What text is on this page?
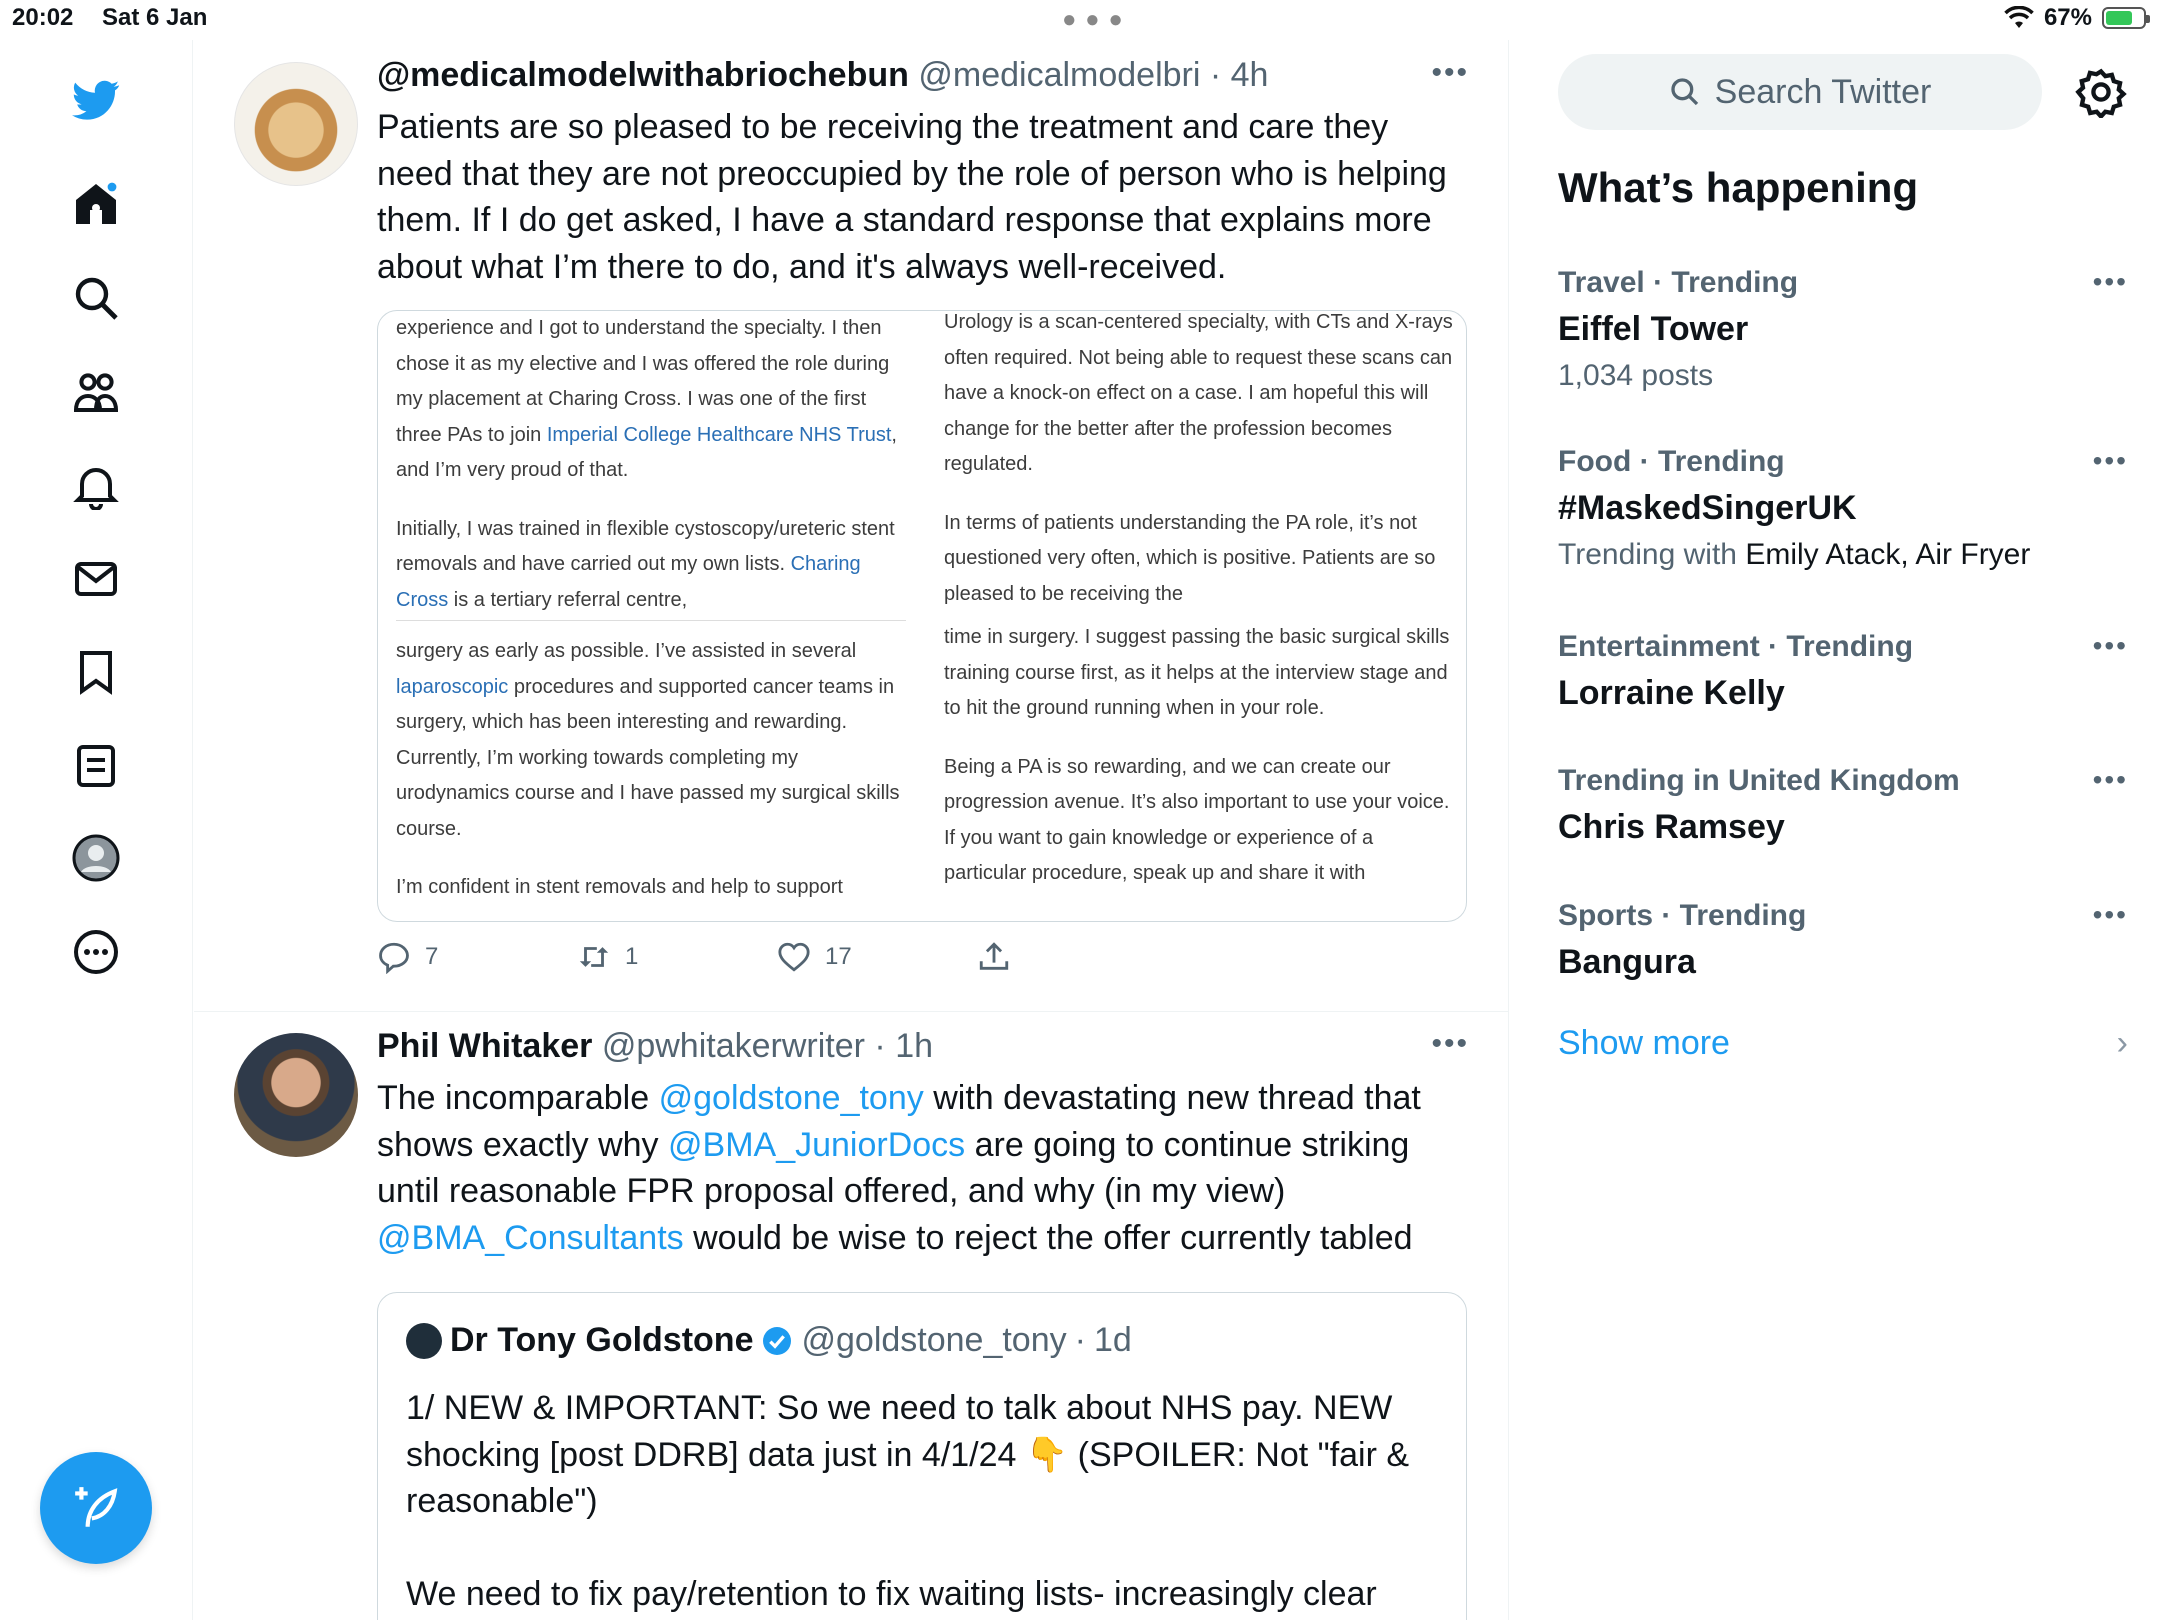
20:02 Sat 6 Jan	● ● ●	67%
@medicalmodelwithabriochebun @medicalmodelbri · 4h	•••
Patients are so pleased to be receiving the treatment and care they need that they are not preoccupied by the role of person who is helping them. If I do get asked, I have a standard response that explains more about what I’m there to do, and it's always well-received.

experience and I got to understand the specialty. I then chose it as my elective and I was offered the role during my placement at Charing Cross. I was one of the first three PAs to join Imperial College Healthcare NHS Trust, and I’m very proud of that.

Initially, I was trained in flexible cystoscopy/ureteric stent removals and have carried out my own lists. Charing Cross is a tertiary referral centre,

surgery as early as possible. I’ve assisted in several laparoscopic procedures and supported cancer teams in surgery, which has been interesting and rewarding. Currently, I’m working towards completing my urodynamics course and I have passed my surgical skills course.

I’m confident in stent removals and help to support

Urology is a scan-centered specialty, with CTs and X-rays often required. Not being able to request these scans can have a knock-on effect on a case. I am hopeful this will change for the better after the profession becomes regulated.

In terms of patients understanding the PA role, it’s not questioned very often, which is positive. Patients are so pleased to be receiving the

time in surgery. I suggest passing the basic surgical skills training course first, as it helps at the interview stage and to hit the ground running when in your role.

Being a PA is so rewarding, and we can create our progression avenue. It’s also important to use your voice. If you want to gain knowledge or experience of a particular procedure, speak up and share it with

7	1	17
Phil Whitaker @pwhitakerwriter · 1h	•••
The incomparable @goldstone_tony with devastating new thread that shows exactly why @BMA_JuniorDocs are going to continue striking until reasonable FPR proposal offered, and why (in my view) @BMA_Consultants would be wise to reject the offer currently tabled
Dr Tony Goldstone @goldstone_tony · 1d
1/ NEW & IMPORTANT: So we need to talk about NHS pay. NEW shocking [post DDRB] data just in 4/1/24 👇 (SPOILER: Not "fair & reasonable")
We need to fix pay/retention to fix waiting lists- increasingly clear
Search Twitter
What’s happening
Travel · Trending
Eiffel Tower
1,034 posts
•••
Food · Trending
#MaskedSingerUK
Trending with Emily Atack, Air Fryer
•••
Entertainment · Trending
Lorraine Kelly
•••
Trending in United Kingdom
Chris Ramsey
•••
Sports · Trending
Bangura
•••
Show more	›
